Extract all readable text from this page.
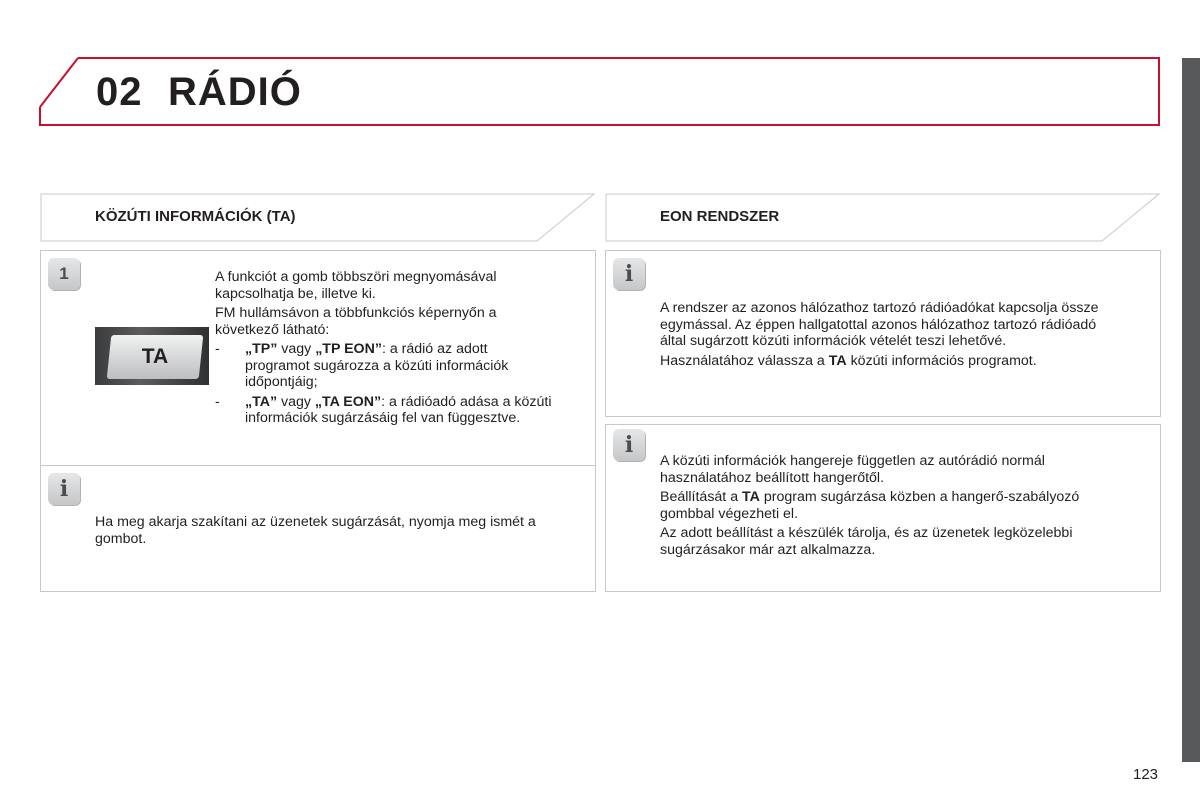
02 RÁDIÓ
KÖZÚTI INFORMÁCIÓK (TA)	EON RENDSZER
1
TA

A funkciót a gomb többszöri megnyomásával kapcsolhatja be, illetve ki.

FM hullámsávon a többfunkciós képernyőn a következő látható:

- „TP” vagy „TP EON”: a rádió az adott programot sugározza a közúti információk időpontjáig;
- „TA” vagy „TA EON”: a rádióadó adása a közúti információk sugárzásáig fel van függesztve.
i

Ha meg akarja szakítani az üzenetek sugárzását, nyomja meg ismét a gombot.

i

A rendszer az azonos hálózathoz tartozó rádióadókat kapcsolja össze egymással. Az éppen hallgatottal azonos hálózathoz tartozó rádióadó által sugárzott közúti információk vételét teszi lehetővé.

Használatához válassza a TA közúti információs programot.

i

A közúti információk hangereje független az autórádió normál használatához beállított hangerőtől.

Beállítását a TA program sugárzása közben a hangerő-szabályozó gombbal végezheti el.

Az adott beállítást a készülék tárolja, és az üzenetek legközelebbi sugárzásakor már azt alkalmazza.

123
